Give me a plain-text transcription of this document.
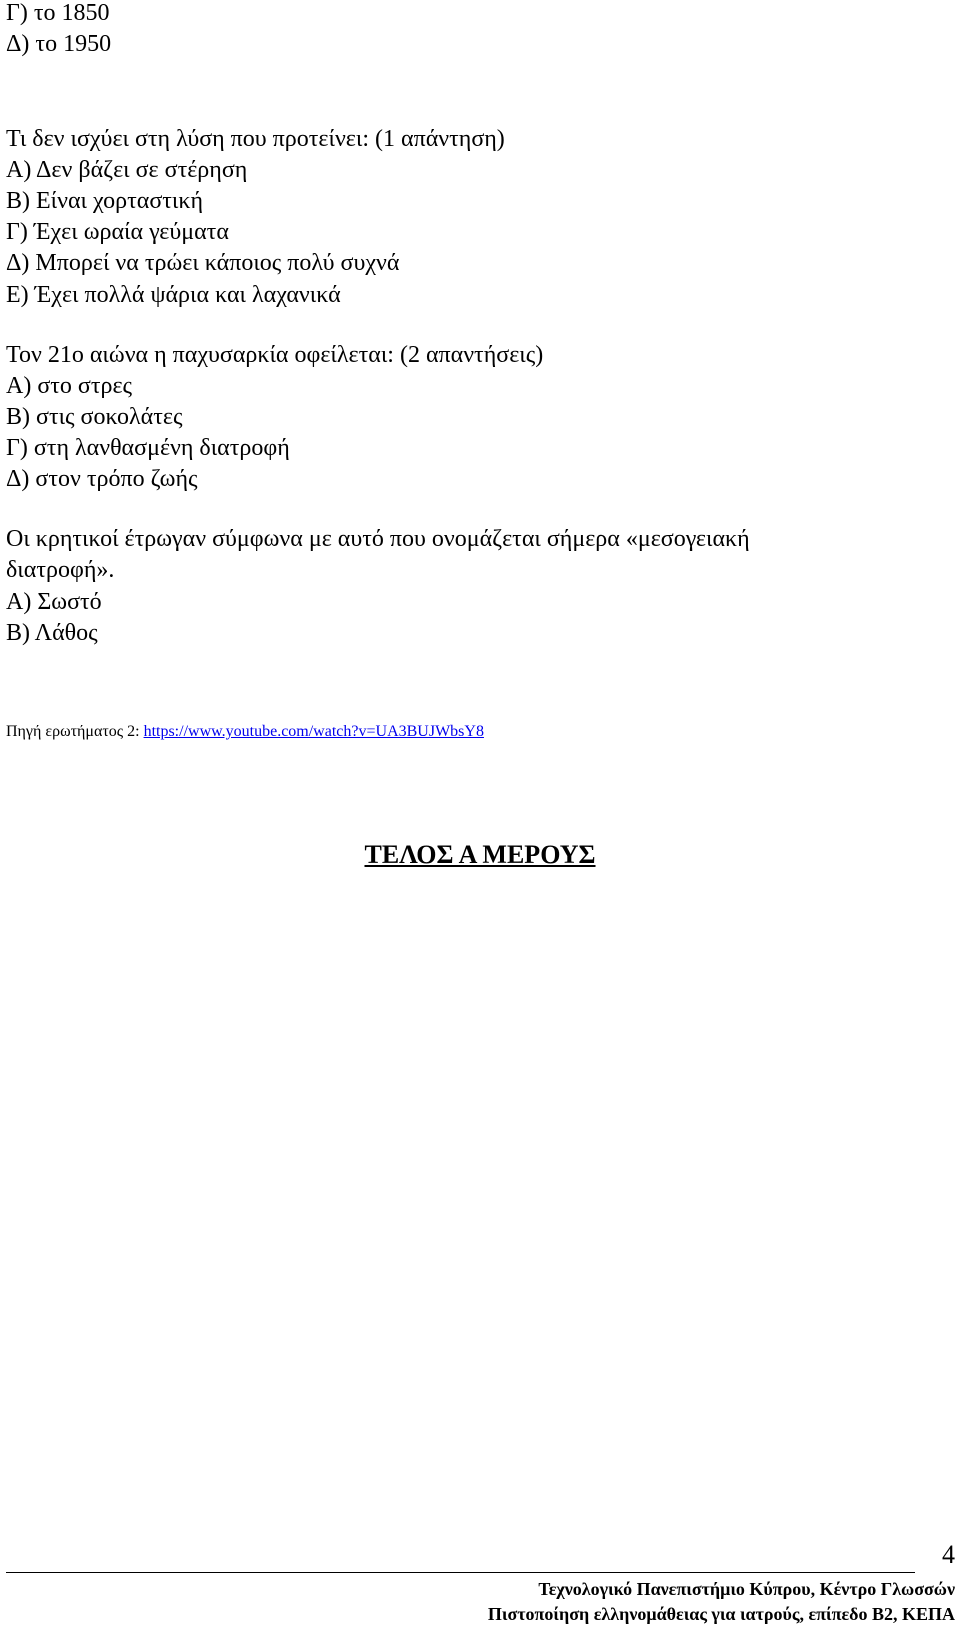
Γ) το 1850
Δ) το 1950
Τι δεν ισχύει στη λύση που προτείνει: (1 απάντηση)
Α) Δεν βάζει σε στέρηση
Β) Είναι χορταστική
Γ) Έχει ωραία γεύματα
Δ) Μπορεί να τρώει κάποιος πολύ συχνά
Ε) Έχει πολλά ψάρια και λαχανικά
Τον 21ο αιώνα η παχυσαρκία οφείλεται: (2 απαντήσεις)
Α) στο στρες
Β) στις σοκολάτες
Γ) στη λανθασμένη διατροφή
Δ) στον τρόπο ζωής
Οι κρητικοί έτρωγαν σύμφωνα με αυτό που ονομάζεται σήμερα «μεσογειακή
διατροφή».
Α) Σωστό
Β) Λάθος
Πηγή ερωτήματος 2: https://www.youtube.com/watch?v=UA3BUJWbsY8
ΤΕΛΟΣ Α ΜΕΡΟΥΣ
4
Τεχνολογικό Πανεπιστήμιο Κύπρου, Κέντρο Γλωσσών
Πιστοποίηση ελληνομάθειας για ιατρούς, επίπεδο Β2, ΚΕΠΑ
